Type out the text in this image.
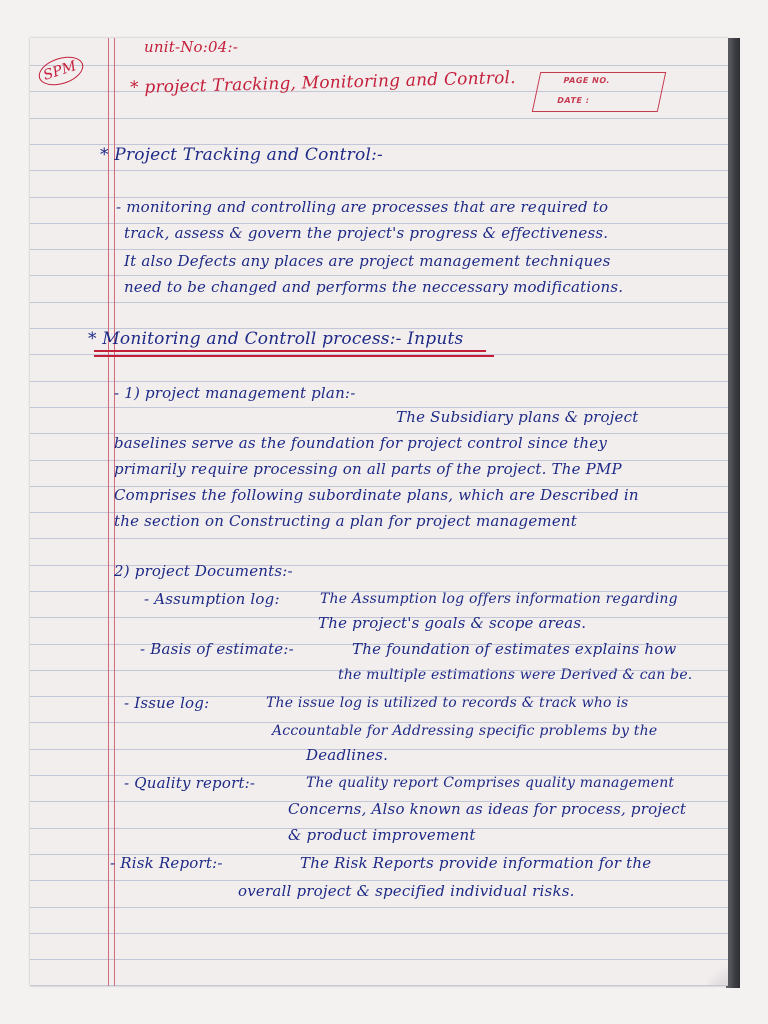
SPM
unit-No:04:-
* project Tracking, Monitoring and Control.	PAGE NO.
DATE :
* Project Tracking and Control:-
- monitoring and controlling are processes that are required to
track, assess & govern the project's progress & effectiveness.
It also Defects any places are project management techniques
need to be changed and performs the neccessary modifications.
* Monitoring and Controll process:- Inputs
- 1) project management plan:-
The Subsidiary plans & project
baselines serve as the foundation for project control since they
primarily require processing on all parts of the project. The PMP
Comprises the following subordinate plans, which are Described in
the section on Constructing a plan for project management
2) project Documents:-
- Assumption log:	The Assumption log offers information regarding
The project's goals & scope areas.
- Basis of estimate:-	The foundation of estimates explains how
the multiple estimations were Derived & can be.
- Issue log:	The issue log is utilized to records & track who is
Accountable for Addressing specific problems by the
Deadlines.
- Quality report:-	The quality report Comprises quality management
Concerns, Also known as ideas for process, project
& product improvement
- Risk Report:-	The Risk Reports provide information for the
overall project & specified individual risks.
